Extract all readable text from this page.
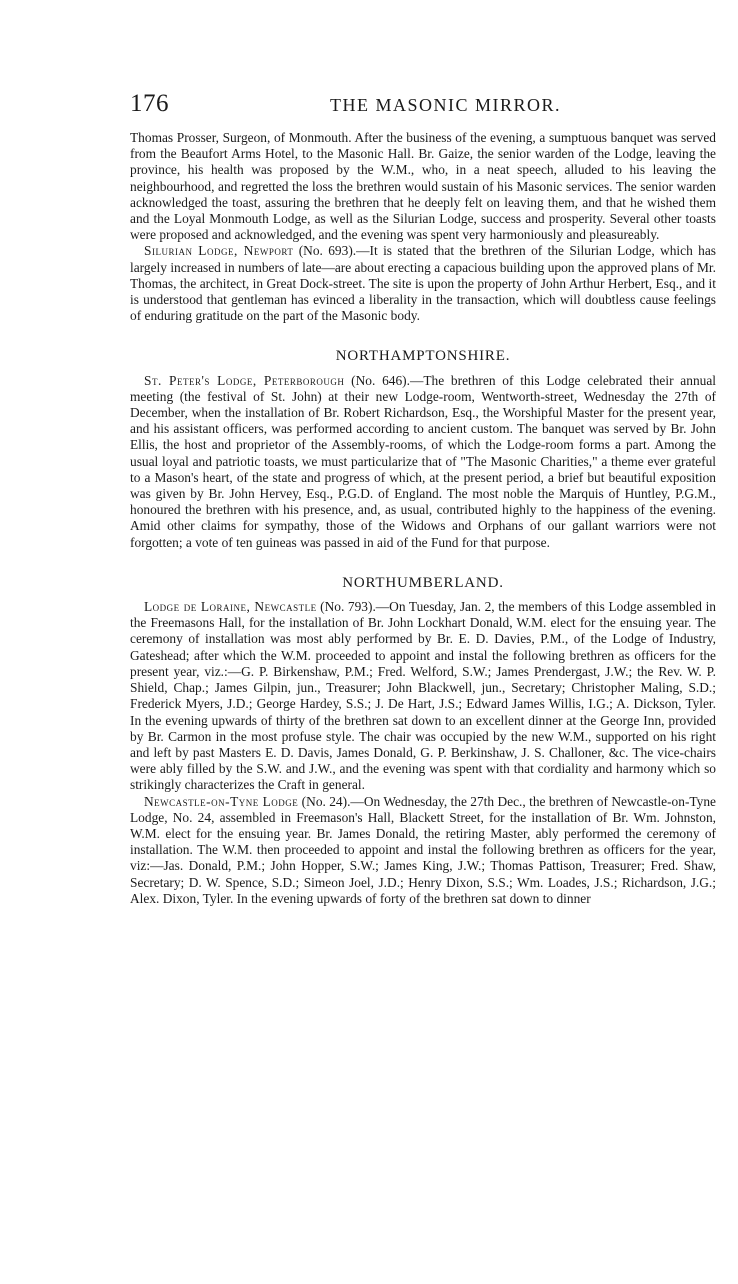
176	THE MASONIC MIRROR.

Thomas Prosser, Surgeon, of Monmouth. After the business of the evening, a sumptuous banquet was served from the Beaufort Arms Hotel, to the Masonic Hall. Br. Gaize, the senior warden of the Lodge, leaving the province, his health was proposed by the W.M., who, in a neat speech, alluded to his leaving the neighbourhood, and regretted the loss the brethren would sustain of his Masonic services. The senior warden acknowledged the toast, assuring the brethren that he deeply felt on leaving them, and that he wished them and the Loyal Monmouth Lodge, as well as the Silurian Lodge, success and prosperity. Several other toasts were proposed and acknowledged, and the evening was spent very harmoniously and pleasureably.

Silurian Lodge, Newport (No. 693).—It is stated that the brethren of the Silurian Lodge, which has largely increased in numbers of late—are about erecting a capacious building upon the approved plans of Mr. Thomas, the architect, in Great Dock-street. The site is upon the property of John Arthur Herbert, Esq., and it is understood that gentleman has evinced a liberality in the transaction, which will doubtless cause feelings of enduring gratitude on the part of the Masonic body.

NORTHAMPTONSHIRE.

St. Peter's Lodge, Peterborough (No. 646).—The brethren of this Lodge celebrated their annual meeting (the festival of St. John) at their new Lodge-room, Wentworth-street, Wednesday the 27th of December, when the installation of Br. Robert Richardson, Esq., the Worshipful Master for the present year, and his assistant officers, was performed according to ancient custom. The banquet was served by Br. John Ellis, the host and proprietor of the Assembly-rooms, of which the Lodge-room forms a part. Among the usual loyal and patriotic toasts, we must particularize that of "The Masonic Charities," a theme ever grateful to a Mason's heart, of the state and progress of which, at the present period, a brief but beautiful exposition was given by Br. John Hervey, Esq., P.G.D. of England. The most noble the Marquis of Huntley, P.G.M., honoured the brethren with his presence, and, as usual, contributed highly to the happiness of the evening. Amid other claims for sympathy, those of the Widows and Orphans of our gallant warriors were not forgotten; a vote of ten guineas was passed in aid of the Fund for that purpose.

NORTHUMBERLAND.

Lodge de Loraine, Newcastle (No. 793).—On Tuesday, Jan. 2, the members of this Lodge assembled in the Freemasons Hall, for the installation of Br. John Lockhart Donald, W.M. elect for the ensuing year. The ceremony of installation was most ably performed by Br. E. D. Davies, P.M., of the Lodge of Industry, Gateshead; after which the W.M. proceeded to appoint and instal the following brethren as officers for the present year, viz.:—G. P. Birkenshaw, P.M.; Fred. Welford, S.W.; James Prendergast, J.W.; the Rev. W. P. Shield, Chap.; James Gilpin, jun., Treasurer; John Blackwell, jun., Secretary; Christopher Maling, S.D.; Frederick Myers, J.D.; George Hardey, S.S.; J. De Hart, J.S.; Edward James Willis, I.G.; A. Dickson, Tyler. In the evening upwards of thirty of the brethren sat down to an excellent dinner at the George Inn, provided by Br. Carmon in the most profuse style. The chair was occupied by the new W.M., supported on his right and left by past Masters E. D. Davis, James Donald, G. P. Berkinshaw, J. S. Challoner, &c. The vice-chairs were ably filled by the S.W. and J.W., and the evening was spent with that cordiality and harmony which so strikingly characterizes the Craft in general.

Newcastle-on-Tyne Lodge (No. 24).—On Wednesday, the 27th Dec., the brethren of Newcastle-on-Tyne Lodge, No. 24, assembled in Freemason's Hall, Blackett Street, for the installation of Br. Wm. Johnston, W.M. elect for the ensuing year. Br. James Donald, the retiring Master, ably performed the ceremony of installation. The W.M. then proceeded to appoint and instal the following brethren as officers for the year, viz:—Jas. Donald, P.M.; John Hopper, S.W.; James King, J.W.; Thomas Pattison, Treasurer; Fred. Shaw, Secretary; D. W. Spence, S.D.; Simeon Joel, J.D.; Henry Dixon, S.S.; Wm. Loades, J.S.; Richardson, J.G.; Alex. Dixon, Tyler. In the evening upwards of forty of the brethren sat down to dinner
